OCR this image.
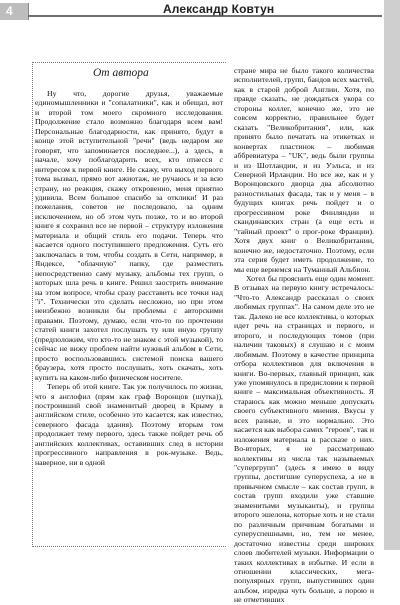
4	Александр Ковтун
От автора

Ну что, дорогие друзья, уважаемые единомышленники и "сопалатники", как и обещал, вот и второй том моего скромного исследования. Продолжение стало возможно благодаря всем вам! Персональные благодарности, как принято, будут в конце этой вступительной "речи" (ведь недаром же говорят, что запоминается последнее...), а здесь, в начале, хочу поблагодарить всех, кто отнесся с интересом к первой книге. Не скажу, что выход первого тома вызвал, прямо вот ажиотаж, не ручаюсь и за всю страну, но реакция, скажу откровенно, меня приятно удивила. Всем большое спасибо за отклики! И раз пожелания, советов не последовало, за одним исключением, но об этом чуть позже, то и во второй книге я сохранил все не первой – структуру изложения материала и общий стиль его подачи. Теперь что касается одного поступившего предложения. Суть его заключалась в том, чтобы создать в Сети, например, в Яндексе, "облачную" папку, где разместить непосредственно саму музыку, альбомы тех групп, о которых шла речь в книге. Решил заострить внимание на этом вопросе, чтобы сразу расставить все точки над "i". Технически это сделать несложно, но при этом неизбежно возникли бы проблемы с авторскими правами. Поэтому, думаю, если что-то по прочтении статей книги захотел послушать ту или иную группу (предположим, что кто-то не знаком с этой музыкой), то сейчас не вижу проблем найти нужный альбом в Сети, просто воспользовавшись системой поиска вашего браузера, хотя просто послушать, хоть скачать, хоть купить на каком-либо физическом носителе.

Теперь об этой книге. Так уж получилось по жизни, что я англофил (прям как граф Воронцов (шутка)), построивший свой знаменитый дворец в Крыму в английском стиле, особенно это касается, как известно, северного фасада здания). Поэтому вторым том продолжает тему первого, здесь также пойдет речь об английских коллективах, оставивших след в истории прогрессивного направления в рок-музыке. Ведь, наверное, ни в одной

стране мира не было такого количества исполнителей, групп, бандов всех мастей, как в старой доброй Англии. Хотя, по правде сказать, не дождаться укора со стороны коллег, конечно же, это не совсем корректно, правильнее будет сказать "Великобритания", или, как принято было печатать на этикетках и конвертах пластинок – любимая аббревиатура – "UK", ведь были группы и из Шотландии, и из Уэльса, и из Северной Ирландии. Но все же, как и у Воронцовского дворца два абсолютно разностильных фасада, так и у меня – в будущих книгах речь пойдет и о прогрессивном роке Финляндии и скандинавских стран (а еще есть и "тайный проект" о прог-роке Франции). Хотя двух книг о Великобритании, конечно же, недостаточно. Поэтому, если эта серия будет иметь продолжение, то мы еще вернемся на Туманный Альбион.

Хотел бы прояснить еще один момент. В отзывах на первую книгу встречалось: "Что-то Александр рассказал о своих любимых группах". На самом деле это не так. Далеко не все коллективы, о которых идет речь на страницах и первого, и второго, и последующих томов (при наличии таковых) я слушаю и с моим любимым. Поэтому в качестве принципа отбора коллективов для включения в книги. Во-первых, главный принцип, как уже упомянулось в предисловии к первой книге – максимальная объективность. Я стараюсь как можно меньше допускать своего субъективного мнения. Вкусы у всех разные, и это нормально. Это касается как выбора самих "героев", так и изложения материала в рассказе о них. Во-вторых, я не рассматриваю коллективы из числа так называемых "супергрупп" (здесь я имею в виду группы, достигшие суперуспеха, а не в привычном смысле – как состав групп, в состав групп входили уже ставшие знаменитыми музыканты), и группы второго эшелона, которые хоть и не стали по различным причинам богатыми и суперуспешными, но, тем не менее, достаточно известны среди широких слоев любителей музыки. Информации о таких коллективах в избытке. И если в отношении классических, мега-популярных групп, выпустивших один альбом, изредка чуть больше, а порою и не отметивших
